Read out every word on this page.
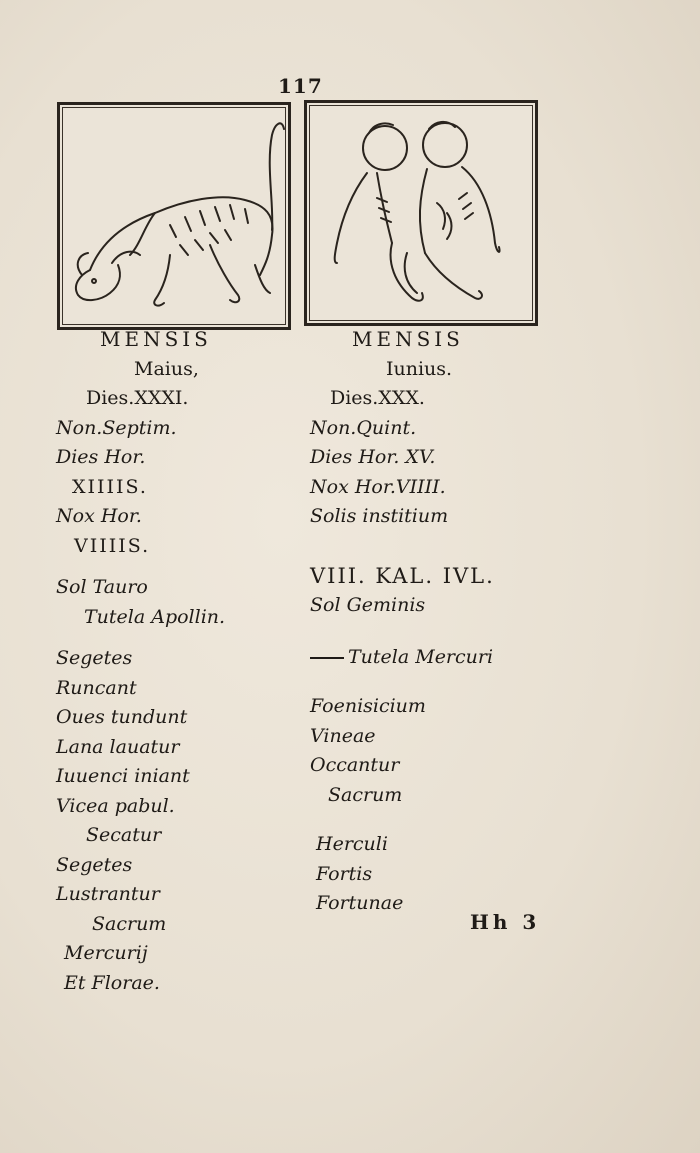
117
MENSIS
Maius,
Dies.XXXI.
Non.Septim.
Dies Hor.
XIIIIS.
Nox Hor.
VIIIIS.
Sol Tauro
Tutela Apollin.
Segetes
Runcant
Oues tundunt
Lana lauatur
Iuuenci iniant
Vicea pabul.
Secatur
Segetes
Lustrantur
Sacrum
Mercurij
Et Florae.
MENSIS
Iunius.
Dies.XXX.
Non.Quint.
Dies Hor. XV.
Nox Hor.VIIII.
Solis institium
VIII. KAL. IVL.
Sol Geminis
Tutela Mercuri
Foenisicium
Vineae
Occantur
Sacrum
Herculi
Fortis
Fortunae
Hh 3
